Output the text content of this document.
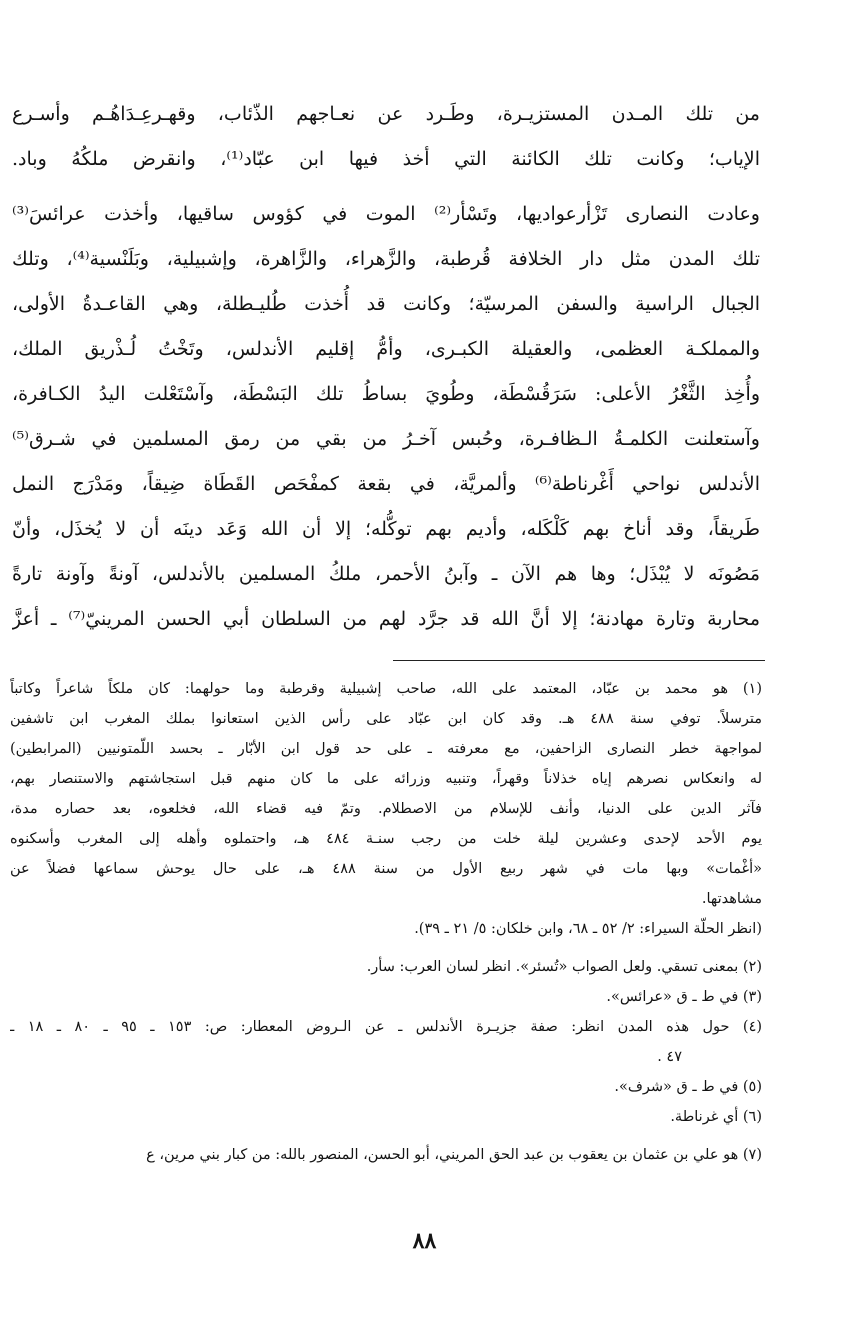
من تلك المـدن المستزيـرة، وطَـرد عن نعـاجهم الذّئاب، وقهـرعِـدَاهُـم وأسـرع
الإياب؛ وكانت تلك الكائنة التي أخذ فيها ابن عبّاد⁽¹⁾، وانقرض ملكُهُ وباد.
وعادت النصارى تَزْأرعواديها، وتَسْأر⁽²⁾ الموت في كؤوس ساقيها، وأخذت عرائسَ⁽³⁾
تلك المدن مثل دار الخلافة قُرطبة، والزَّهراء، والزَّاهرة، وإشبيلية، وبَلَنْسية⁽⁴⁾، وتلك
الجبال الراسية والسفن المرسيّة؛ وكانت قد أُخذت طُليـطلة، وهي القاعـدةُ الأولى،
والمملكـة العظمى، والعقيلة الكبـرى، وأمُّ إقليم الأندلس، وتَخْتُ لُـذْريق الملك،
وأُخِذ الثَّغْرُ الأعلى: سَرَقُسْطَة، وطُويَ بساطُ تلك البَسْطَة، وآسْتَعْلت اليدُ الكـافرة،
وآستعلنت الكلمـةُ الـظافـرة، وحُبس آخـرُ من بقي من رمق المسلمين في شـرق⁽⁵⁾
الأندلس نواحي أَغْرناطة⁽⁶⁾ وألمريَّة، في بقعة كمفْحَص القَطَاة ضِيقاً، ومَدْرَج النمل
طَريقاً، وقد أناخ بهم كَلْكَله، وأديم بهم توكُّله؛ إلا أن الله وَعَد دينَه أن لا يُخذَل، وأنّ
مَصُونَه لا يُبْذَل؛ وها هم الآن ـ وآبنُ الأحمر، ملكُ المسلمين بالأندلس، آونةً وآونة تارةً
محاربة وتارة مهادنة؛ إلا أنَّ الله قد جرَّد لهم من السلطان أبي الحسن المرينيّ⁽⁷⁾ ـ أعزَّ
(١) هو محمد بن عبّاد، المعتمد على الله، صاحب إشبيلية وقرطبة وما حولهما: كان ملكاً شاعراً وكاتباً
مترسلاً. توفي سنة ٤٨٨ هـ. وقد كان ابن عبّاد على رأس الذين استعانوا بملك المغرب ابن تاشفين
لمواجهة خطر النصارى الزاحفين، مع معرفته ـ على حد قول ابن الأبّار ـ بحسد اللّمتونيين (المرابطين)
له وانعكاس نصرهم إياه خذلاناً وقهراً، وتنبيه وزرائه على ما كان منهم قبل استجاشتهم والاستنصار بهم،
فآثر الدين على الدنيا، وأنف للإسلام من الاصطلام. وتمّ فيه قضاء الله، فخلعوه، بعد حصاره مدة،
يوم الأحد لإحدى وعشرين ليلة خلت من رجب سنـة ٤٨٤ هـ، واحتملوه وأهله إلى المغرب وأسكنوه
«أغْمات» وبها مات في شهر ربيع الأول من سنة ٤٨٨ هـ، على حال يوحش سماعها فضلاً عن
مشاهدتها.
(انظر الحلّة السيراء: ٢/ ٥٢ ـ ٦٨، وابن خلكان: ٥/ ٢١ ـ ٣٩).
(٢) بمعنى تسقي. ولعل الصواب «تُسئر». انظر لسان العرب: سأر.
(٣) في ط ـ ق «عرائس».
(٤) حول هذه المدن انظر: صفة جزيـرة الأندلس ـ عن الـروض المعطار: ص: ١٥٣ ـ ٩٥ ـ ٨٠ ـ ١٨ ـ
٤٧ .
(٥) في ط ـ ق «شرف».
(٦) أي غرناطة.
(٧) هو علي بن عثمان بن يعقوب بن عبد الحق المريني، أبو الحسن، المنصور بالله: من كبار بني مرين، ع
٨٨
